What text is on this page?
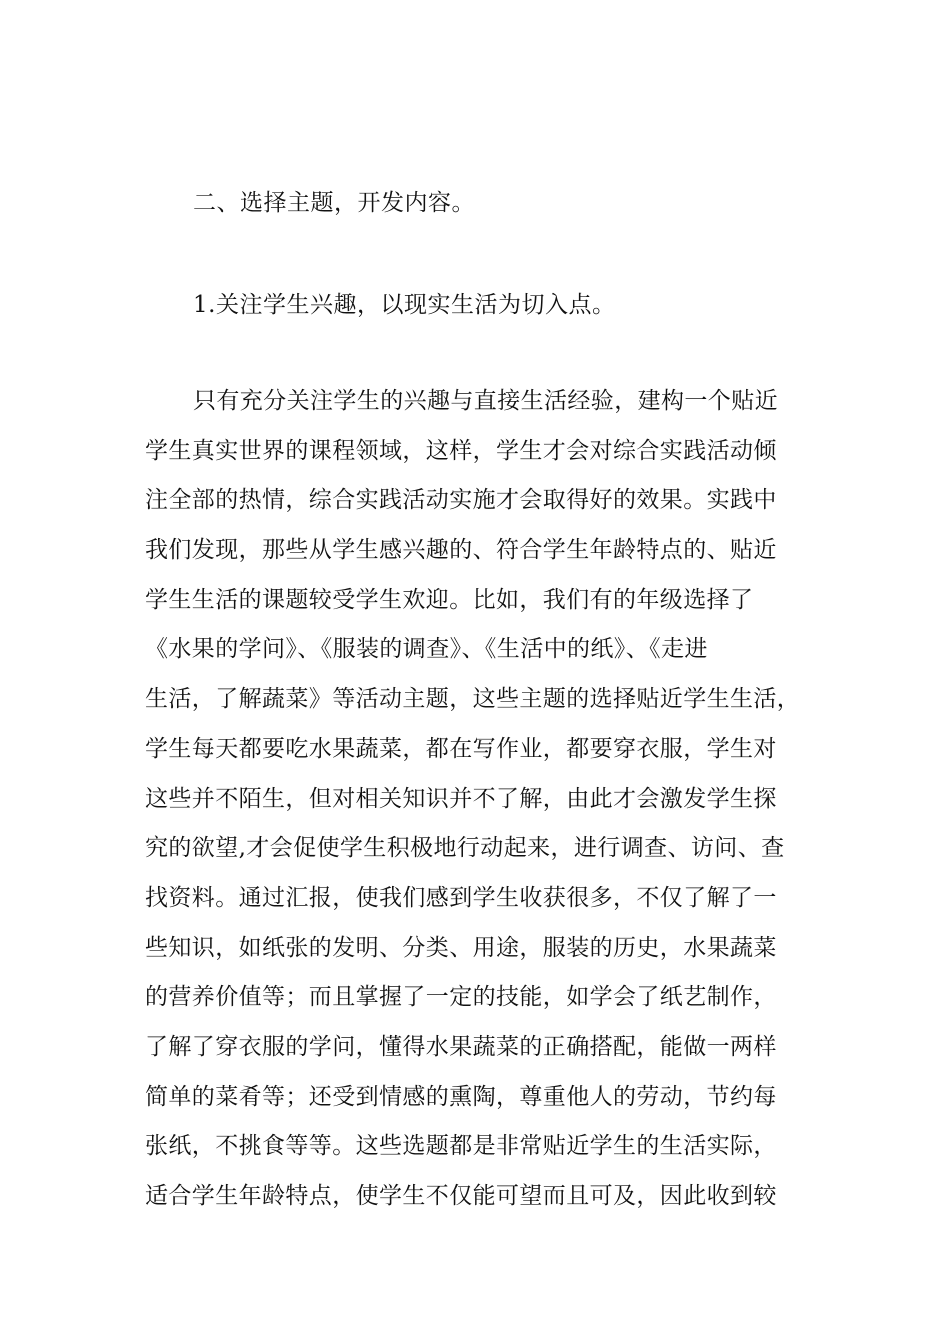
二、选择主题，开发内容。
1.关注学生兴趣，以现实生活为切入点。
只有充分关注学生的兴趣与直接生活经验，建构一个贴近
学生真实世界的课程领域，这样，学生才会对综合实践活动倾
注全部的热情，综合实践活动实施才会取得好的效果。实践中
我们发现，那些从学生感兴趣的、符合学生年龄特点的、贴近
学生生活的课题较受学生欢迎。比如，我们有的年级选择了
《水果的学问》、《服装的调查》、《生活中的纸》、《走进
生活，了解蔬菜》等活动主题，这些主题的选择贴近学生生活，
学生每天都要吃水果蔬菜，都在写作业，都要穿衣服，学生对
这些并不陌生，但对相关知识并不了解，由此才会激发学生探
究的欲望,才会促使学生积极地行动起来，进行调查、访问、查
找资料。通过汇报，使我们感到学生收获很多，不仅了解了一
些知识，如纸张的发明、分类、用途，服装的历史，水果蔬菜
的营养价值等；而且掌握了一定的技能，如学会了纸艺制作，
了解了穿衣服的学问，懂得水果蔬菜的正确搭配，能做一两样
简单的菜肴等；还受到情感的熏陶，尊重他人的劳动，节约每
张纸，不挑食等等。这些选题都是非常贴近学生的生活实际，
适合学生年龄特点，使学生不仅能可望而且可及，因此收到较
